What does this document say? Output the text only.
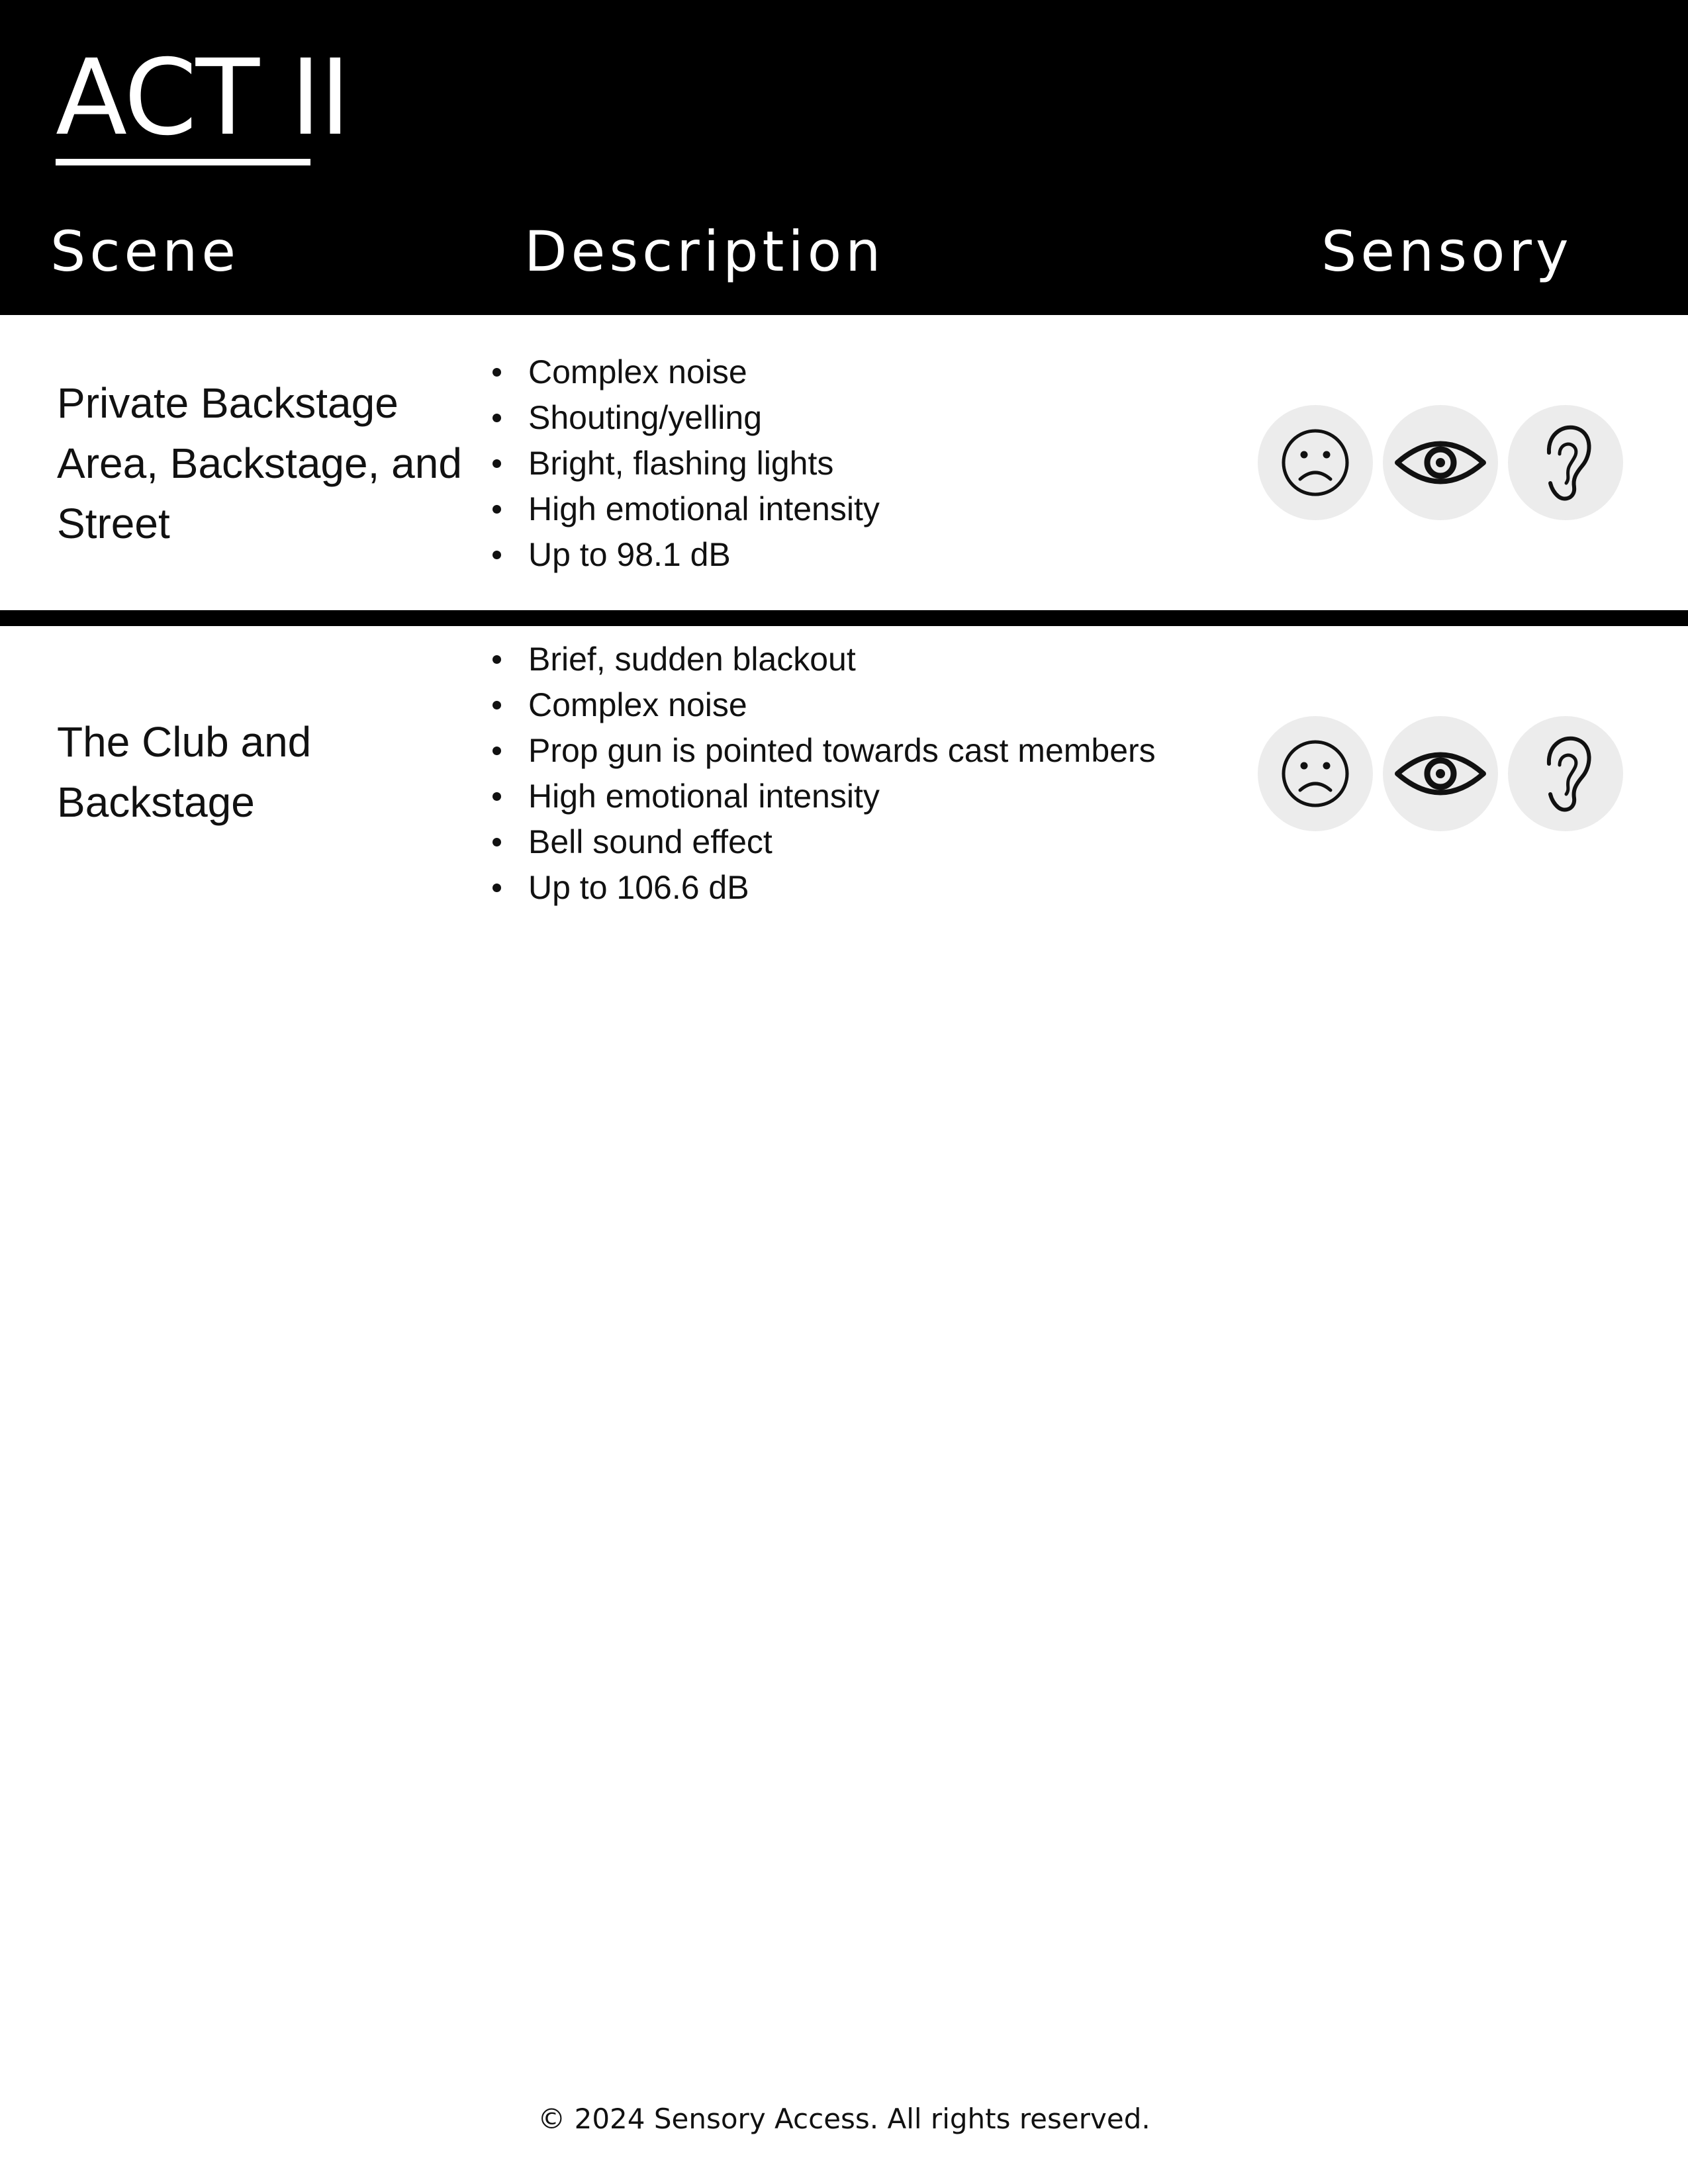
ACT II
Scene	Description	Sensory
Private Backstage Area, Backstage, and Street
Complex noise
Shouting/yelling
Bright, flashing lights
High emotional intensity
Up to 98.1 dB
The Club and Backstage
Brief, sudden blackout
Complex noise
Prop gun is pointed towards cast members
High emotional intensity
Bell sound effect
Up to 106.6 dB
© 2024 Sensory Access. All rights reserved.
